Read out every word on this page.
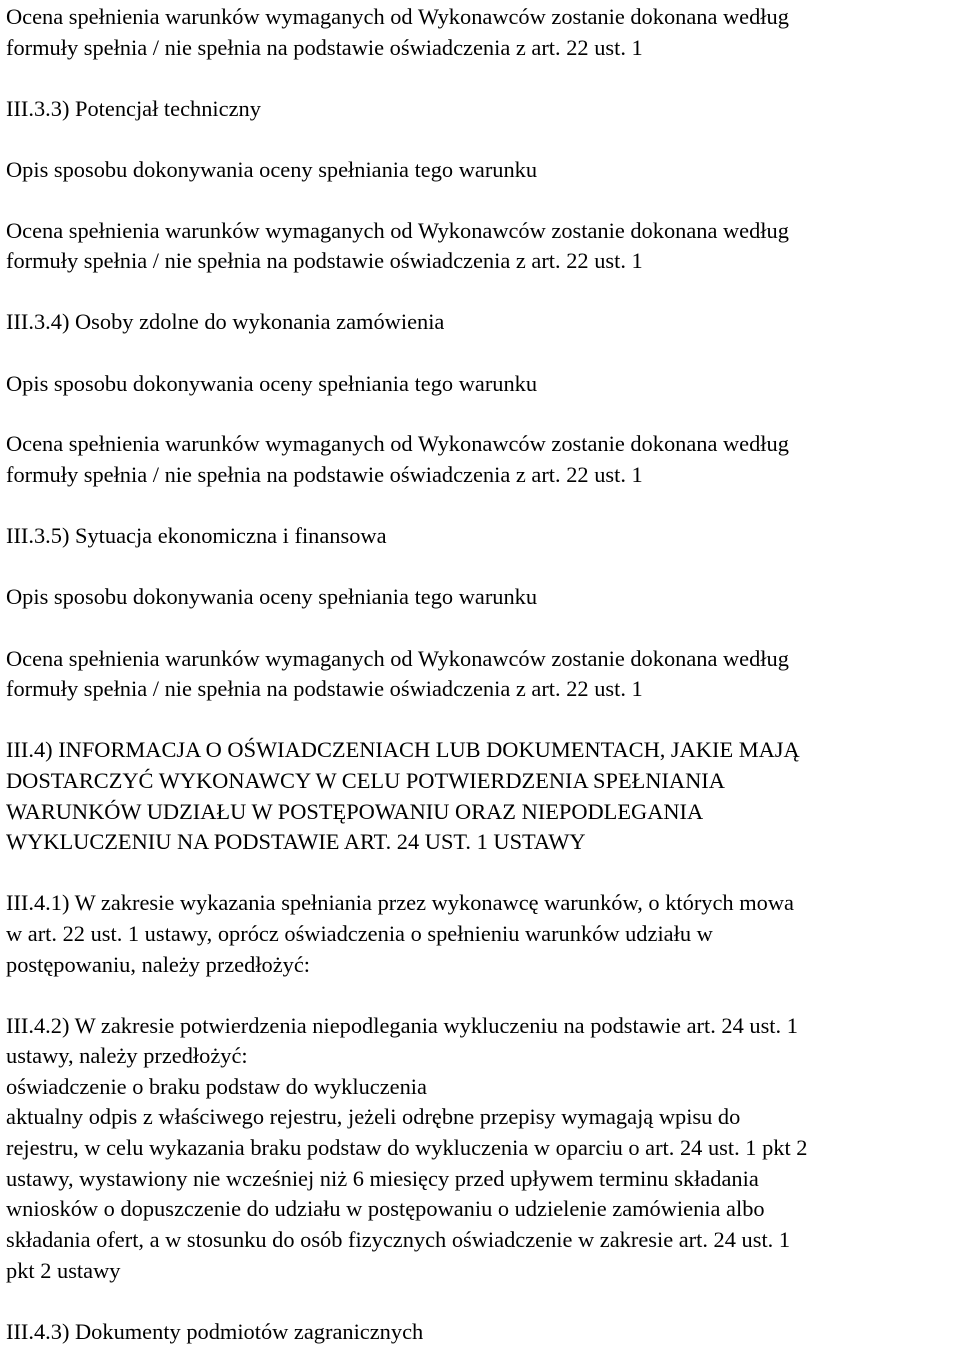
Ocena spełnienia warunków wymaganych od Wykonawców zostanie dokonana według
formuły spełnia / nie spełnia na podstawie oświadczenia z art. 22 ust. 1
III.3.3) Potencjał techniczny
Opis sposobu dokonywania oceny spełniania tego warunku
Ocena spełnienia warunków wymaganych od Wykonawców zostanie dokonana według
formuły spełnia / nie spełnia na podstawie oświadczenia z art. 22 ust. 1
III.3.4) Osoby zdolne do wykonania zamówienia
Opis sposobu dokonywania oceny spełniania tego warunku
Ocena spełnienia warunków wymaganych od Wykonawców zostanie dokonana według
formuły spełnia / nie spełnia na podstawie oświadczenia z art. 22 ust. 1
III.3.5) Sytuacja ekonomiczna i finansowa
Opis sposobu dokonywania oceny spełniania tego warunku
Ocena spełnienia warunków wymaganych od Wykonawców zostanie dokonana według
formuły spełnia / nie spełnia na podstawie oświadczenia z art. 22 ust. 1
III.4) INFORMACJA O OŚWIADCZENIACH LUB DOKUMENTACH, JAKIE MAJĄ
DOSTARCZYĆ WYKONAWCY W CELU POTWIERDZENIA SPEŁNIANIA
WARUNKÓW UDZIAŁU W POSTĘPOWANIU ORAZ NIEPODLEGANIA
WYKLUCZENIU NA PODSTAWIE ART. 24 UST. 1 USTAWY
III.4.1) W zakresie wykazania spełniania przez wykonawcę warunków, o których mowa
w art. 22 ust. 1 ustawy, oprócz oświadczenia o spełnieniu warunków udziału w
postępowaniu, należy przedłożyć:
III.4.2) W zakresie potwierdzenia niepodlegania wykluczeniu na podstawie art. 24 ust. 1
ustawy, należy przedłożyć:
oświadczenie o braku podstaw do wykluczenia
aktualny odpis z właściwego rejestru, jeżeli odrębne przepisy wymagają wpisu do
rejestru, w celu wykazania braku podstaw do wykluczenia w oparciu o art. 24 ust. 1 pkt 2
ustawy, wystawiony nie wcześniej niż 6 miesięcy przed upływem terminu składania
wniosków o dopuszczenie do udziału w postępowaniu o udzielenie zamówienia albo
składania ofert, a w stosunku do osób fizycznych oświadczenie w zakresie art. 24 ust. 1
pkt 2 ustawy
III.4.3) Dokumenty podmiotów zagranicznych
